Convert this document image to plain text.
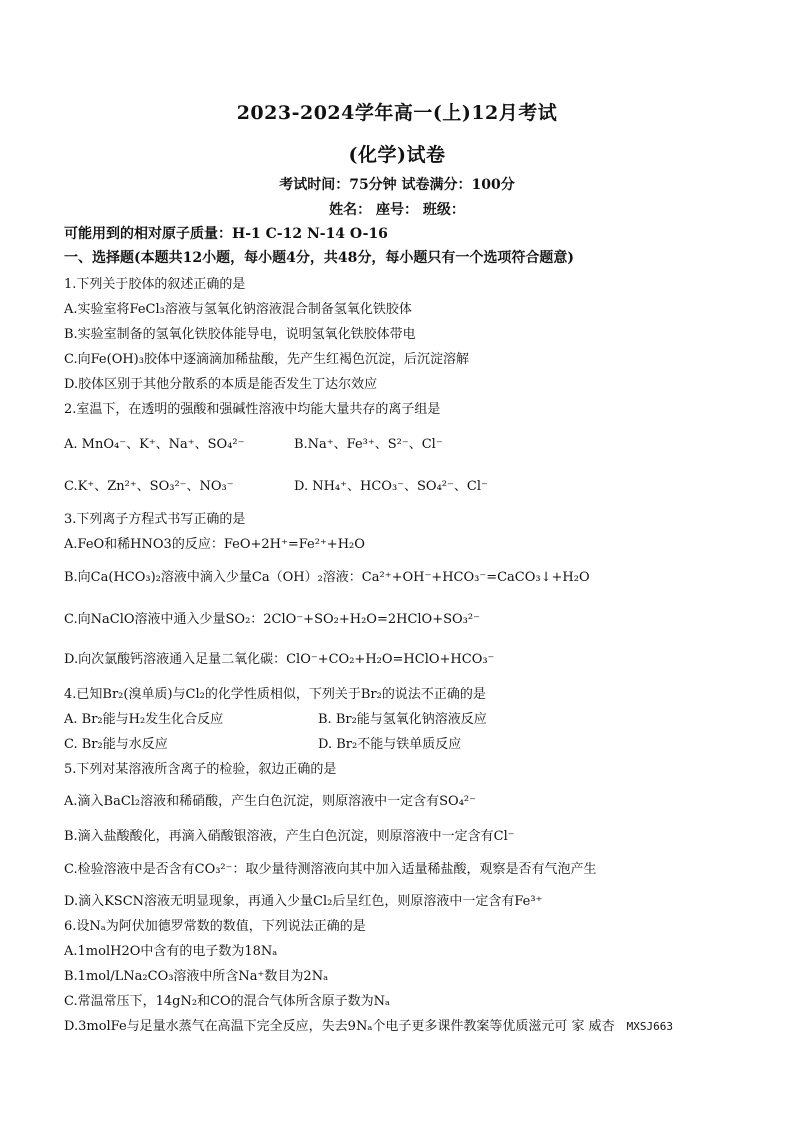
2023-2024学年高一(上)12月考试
(化学)试卷
考试时间：75分钟 试卷满分：100分
姓名： 座号： 班级：
可能用到的相对原子质量：H-1 C-12 N-14 O-16
一、选择题(本题共12小题，每小题4分，共48分，每小题只有一个选项符合题意)
1.下列关于胶体的叙述正确的是
A.实验室将FeCl₃溶液与氢氧化钠溶液混合制备氢氧化铁胶体
B.实验室制备的氢氧化铁胶体能导电，说明氢氧化铁胶体带电
C.向Fe(OH)₃胶体中逐滴滴加稀盐酸，先产生红褐色沉淀，后沉淀溶解
D.胶体区别于其他分散系的本质是能否发生丁达尔效应
2.室温下，在透明的强酸和强碱性溶液中均能大量共存的离子组是
A. MnO₄⁻、K⁺、Na⁺、SO₄²⁻	B.Na⁺、Fe³⁺、S²⁻、Cl⁻
C.K⁺、Zn²⁺、SO₃²⁻、NO₃⁻	D. NH₄⁺、HCO₃⁻、SO₄²⁻、Cl⁻
3.下列离子方程式书写正确的是
A.FeO和稀HNO3的反应：FeO+2H⁺=Fe²⁺+H₂O
B.向Ca(HCO₃)₂溶液中滴入少量Ca（OH）₂溶液：Ca²⁺+OH⁻+HCO₃⁻=CaCO₃↓+H₂O
C.向NaClO溶液中通入少量SO₂：2ClO⁻+SO₂+H₂O=2HClO+SO₃²⁻
D.向次氯酸钙溶液通入足量二氧化碳：ClO⁻+CO₂+H₂O=HClO+HCO₃⁻
4.已知Br₂(溴单质)与Cl₂的化学性质相似，下列关于Br₂的说法不正确的是
A. Br₂能与H₂发生化合反应	B. Br₂能与氢氧化钠溶液反应
C. Br₂能与水反应	D. Br₂不能与铁单质反应
5.下列对某溶液所含离子的检验，叙边正确的是
A.滴入BaCl₂溶液和稀硝酸，产生白色沉淀，则原溶液中一定含有SO₄²⁻
B.滴入盐酸酸化，再滴入硝酸银溶液，产生白色沉淀，则原溶液中一定含有Cl⁻
C.检验溶液中是否含有CO₃²⁻：取少量待测溶液向其中加入适量稀盐酸，观察是否有气泡产生
D.滴入KSCN溶液无明显现象，再通入少量Cl₂后呈红色，则原溶液中一定含有Fe³⁺
6.设Nₐ为阿伏加德罗常数的数值，下列说法正确的是
A.1molH2O中含有的电子数为18Nₐ
B.1mol/LNa₂CO₃溶液中所含Na⁺数目为2Nₐ
C.常温常压下，14gN₂和CO的混合气体所含原子数为Nₐ
D.3molFe与足量水蒸气在高温下完全反应，失去9Nₐ个电子更多课件教案等优质滋元可 家 威杏 MXSJ663
